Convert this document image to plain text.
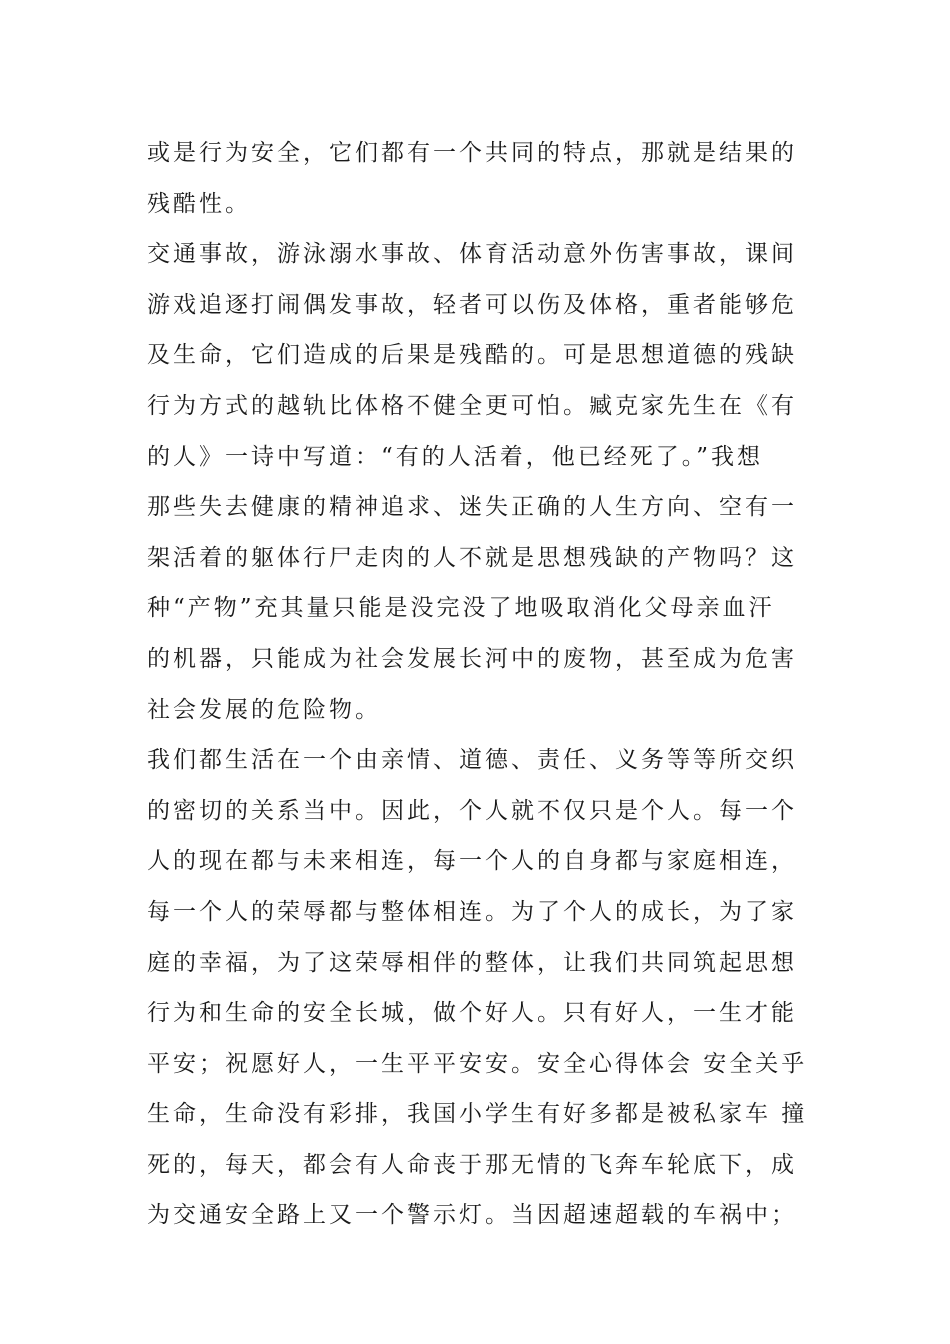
或是行为安全，它们都有一个共同的特点，那就是结果的
残酷性。
交通事故，游泳溺水事故、体育活动意外伤害事故，课间
游戏追逐打闹偶发事故，轻者可以伤及体格，重者能够危
及生命，它们造成的后果是残酷的。可是思想道德的残缺
行为方式的越轨比体格不健全更可怕。臧克家先生在《有
的人》一诗中写道：“有的人活着，他已经死了。”我想
那些失去健康的精神追求、迷失正确的人生方向、空有一
架活着的躯体行尸走肉的人不就是思想残缺的产物吗？这
种“产物”充其量只能是没完没了地吸取消化父母亲血汗
的机器，只能成为社会发展长河中的废物，甚至成为危害
社会发展的危险物。
我们都生活在一个由亲情、道德、责任、义务等等所交织
的密切的关系当中。因此，个人就不仅只是个人。每一个
人的现在都与未来相连，每一个人的自身都与家庭相连，
每一个人的荣辱都与整体相连。为了个人的成长，为了家
庭的幸福，为了这荣辱相伴的整体，让我们共同筑起思想
行为和生命的安全长城，做个好人。只有好人，一生才能
平安；祝愿好人，一生平平安安。安全心得体会 安全关乎
生命，生命没有彩排，我国小学生有好多都是被私家车 撞
死的，每天，都会有人命丧于那无情的飞奔车轮底下，成
为交通安全路上又一个警示灯。当因超速超载的车祸中；
